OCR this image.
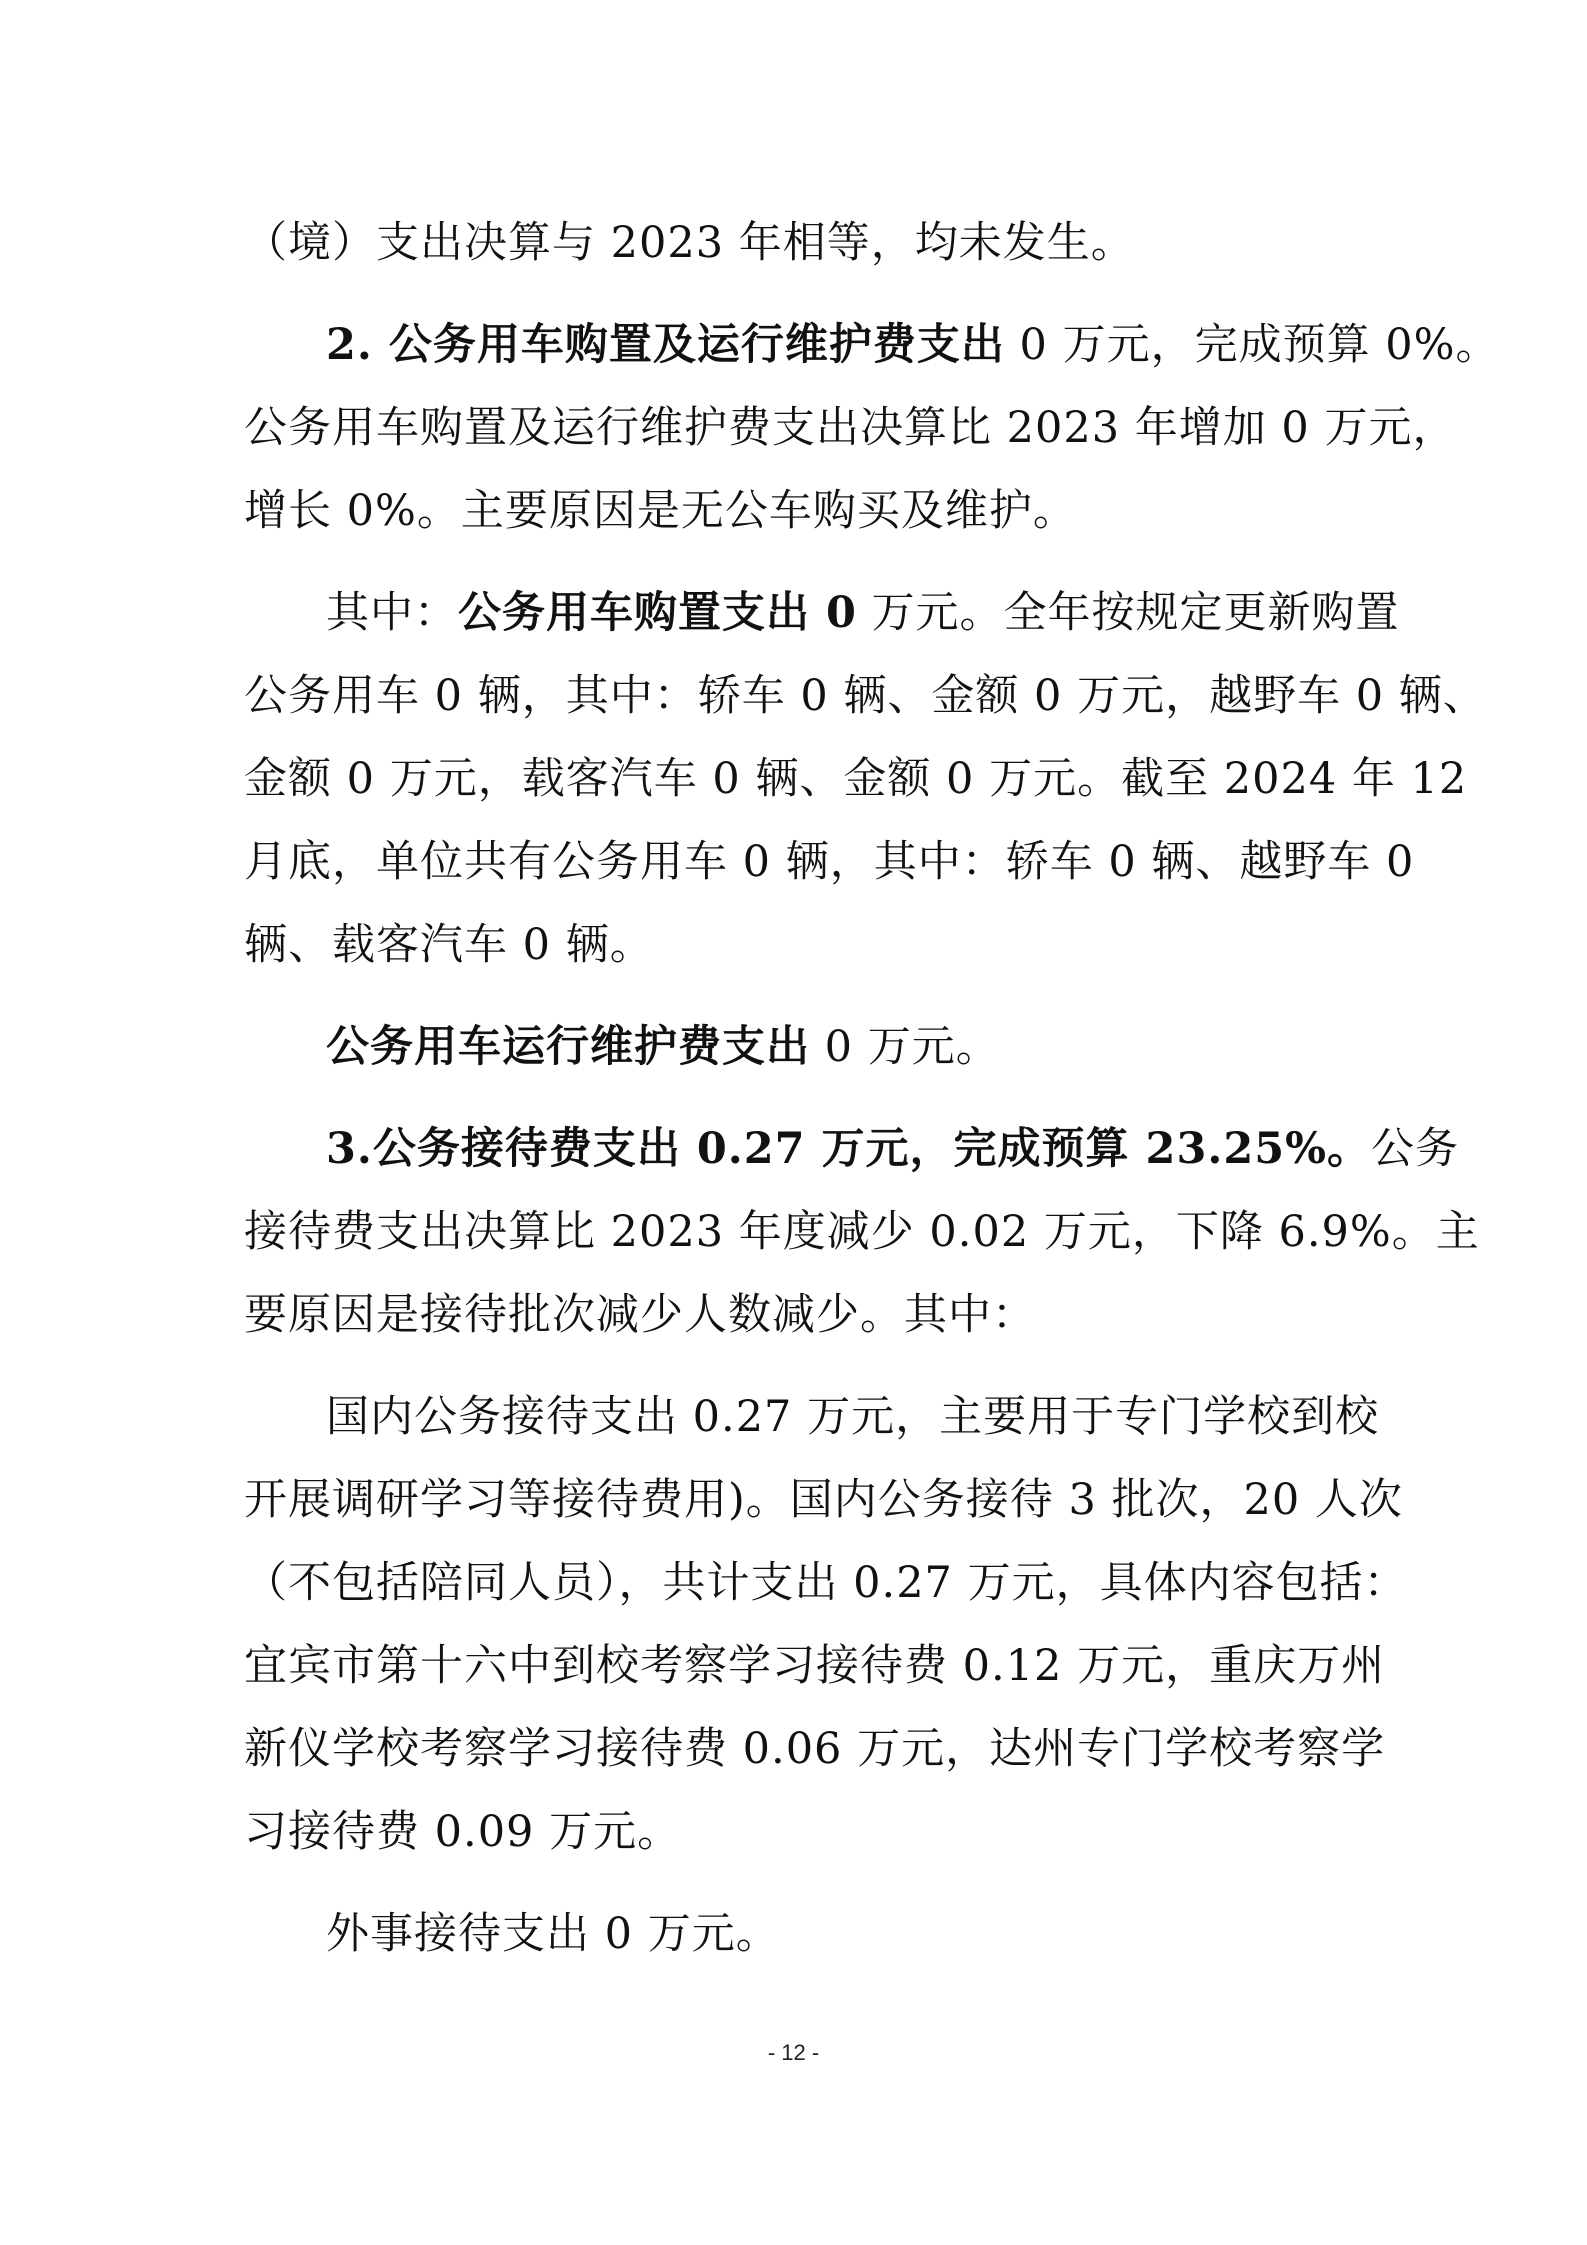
（境）支出决算与 2023 年相等，均未发生。
2. 公务用车购置及运行维护费支出 0 万元，完成预算 0%。
公务用车购置及运行维护费支出决算比 2023 年增加 0 万元，
增长 0%。主要原因是无公车购买及维护。
其中：公务用车购置支出 0 万元。全年按规定更新购置
公务用车 0 辆，其中：轿车 0 辆、金额 0 万元，越野车 0 辆、
金额 0 万元，载客汽车 0 辆、金额 0 万元。截至 2024 年 12
月底，单位共有公务用车 0 辆，其中：轿车 0 辆、越野车 0
辆、载客汽车 0 辆。
公务用车运行维护费支出 0 万元。
3.公务接待费支出 0.27 万元，完成预算 23.25%。公务
接待费支出决算比 2023 年度减少 0.02 万元，下降 6.9%。主
要原因是接待批次减少人数减少。其中：
国内公务接待支出 0.27 万元，主要用于专门学校到校
开展调研学习等接待费用)。国内公务接待 3 批次，20 人次
（不包括陪同人员），共计支出 0.27 万元，具体内容包括：
宜宾市第十六中到校考察学习接待费 0.12 万元，重庆万州
新仪学校考察学习接待费 0.06 万元，达州专门学校考察学
习接待费 0.09 万元。
外事接待支出 0 万元。
- 12 -
